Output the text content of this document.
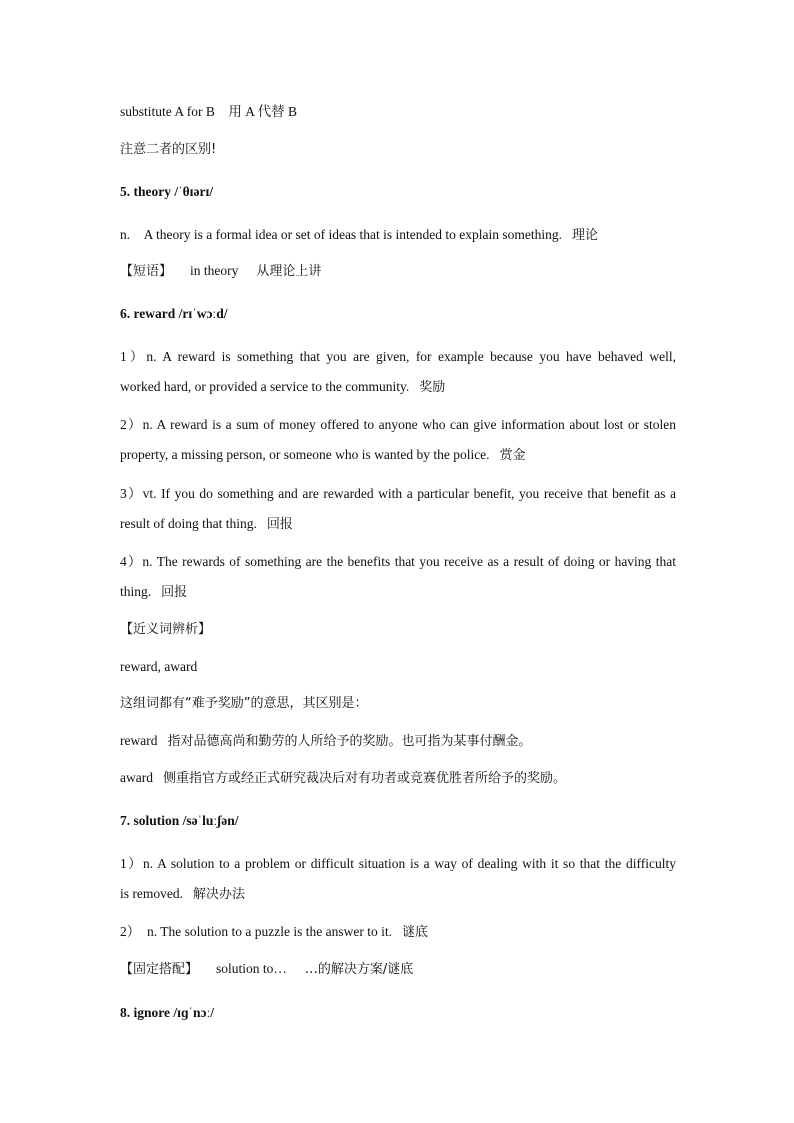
substitute A for B    用 A 代替 B
注意二者的区别!
5. theory /ˈθɪərɪ/
n.    A theory is a formal idea or set of ideas that is intended to explain something. 理论
【短语】 in theory 从理论上讲
6. reward /rɪˈwɔːd/
1）n. A reward is something that you are given, for example because you have behaved well,
worked hard, or provided a service to the community. 奖励
2）n. A reward is a sum of money offered to anyone who can give information about lost or stolen
property, a missing person, or someone who is wanted by the police. 赏金
3）vt. If you do something and are rewarded with a particular benefit, you receive that benefit as a
result of doing that thing. 回报
4）n. The rewards of something are the benefits that you receive as a result of doing or having that
thing. 回报
【近义词辨析】
reward, award
这组词都有“难予奖励”的意思，其区别是：
reward 指对品德高尚和勤劳的人所给予的奖励。也可指为某事付酬金。
award 侧重指官方或经正式研究裁决后对有功者或竞赛优胜者所给予的奖励。
7. solution /səˈluːʃən/
1）n. A solution to a problem or difficult situation is a way of dealing with it so that the difficulty
is removed. 解决办法
2）  n. The solution to a puzzle is the answer to it. 谜底
【固定搭配】 solution to… …的解决方案/谜底
8. ignore /ɪɡˈnɔː/
